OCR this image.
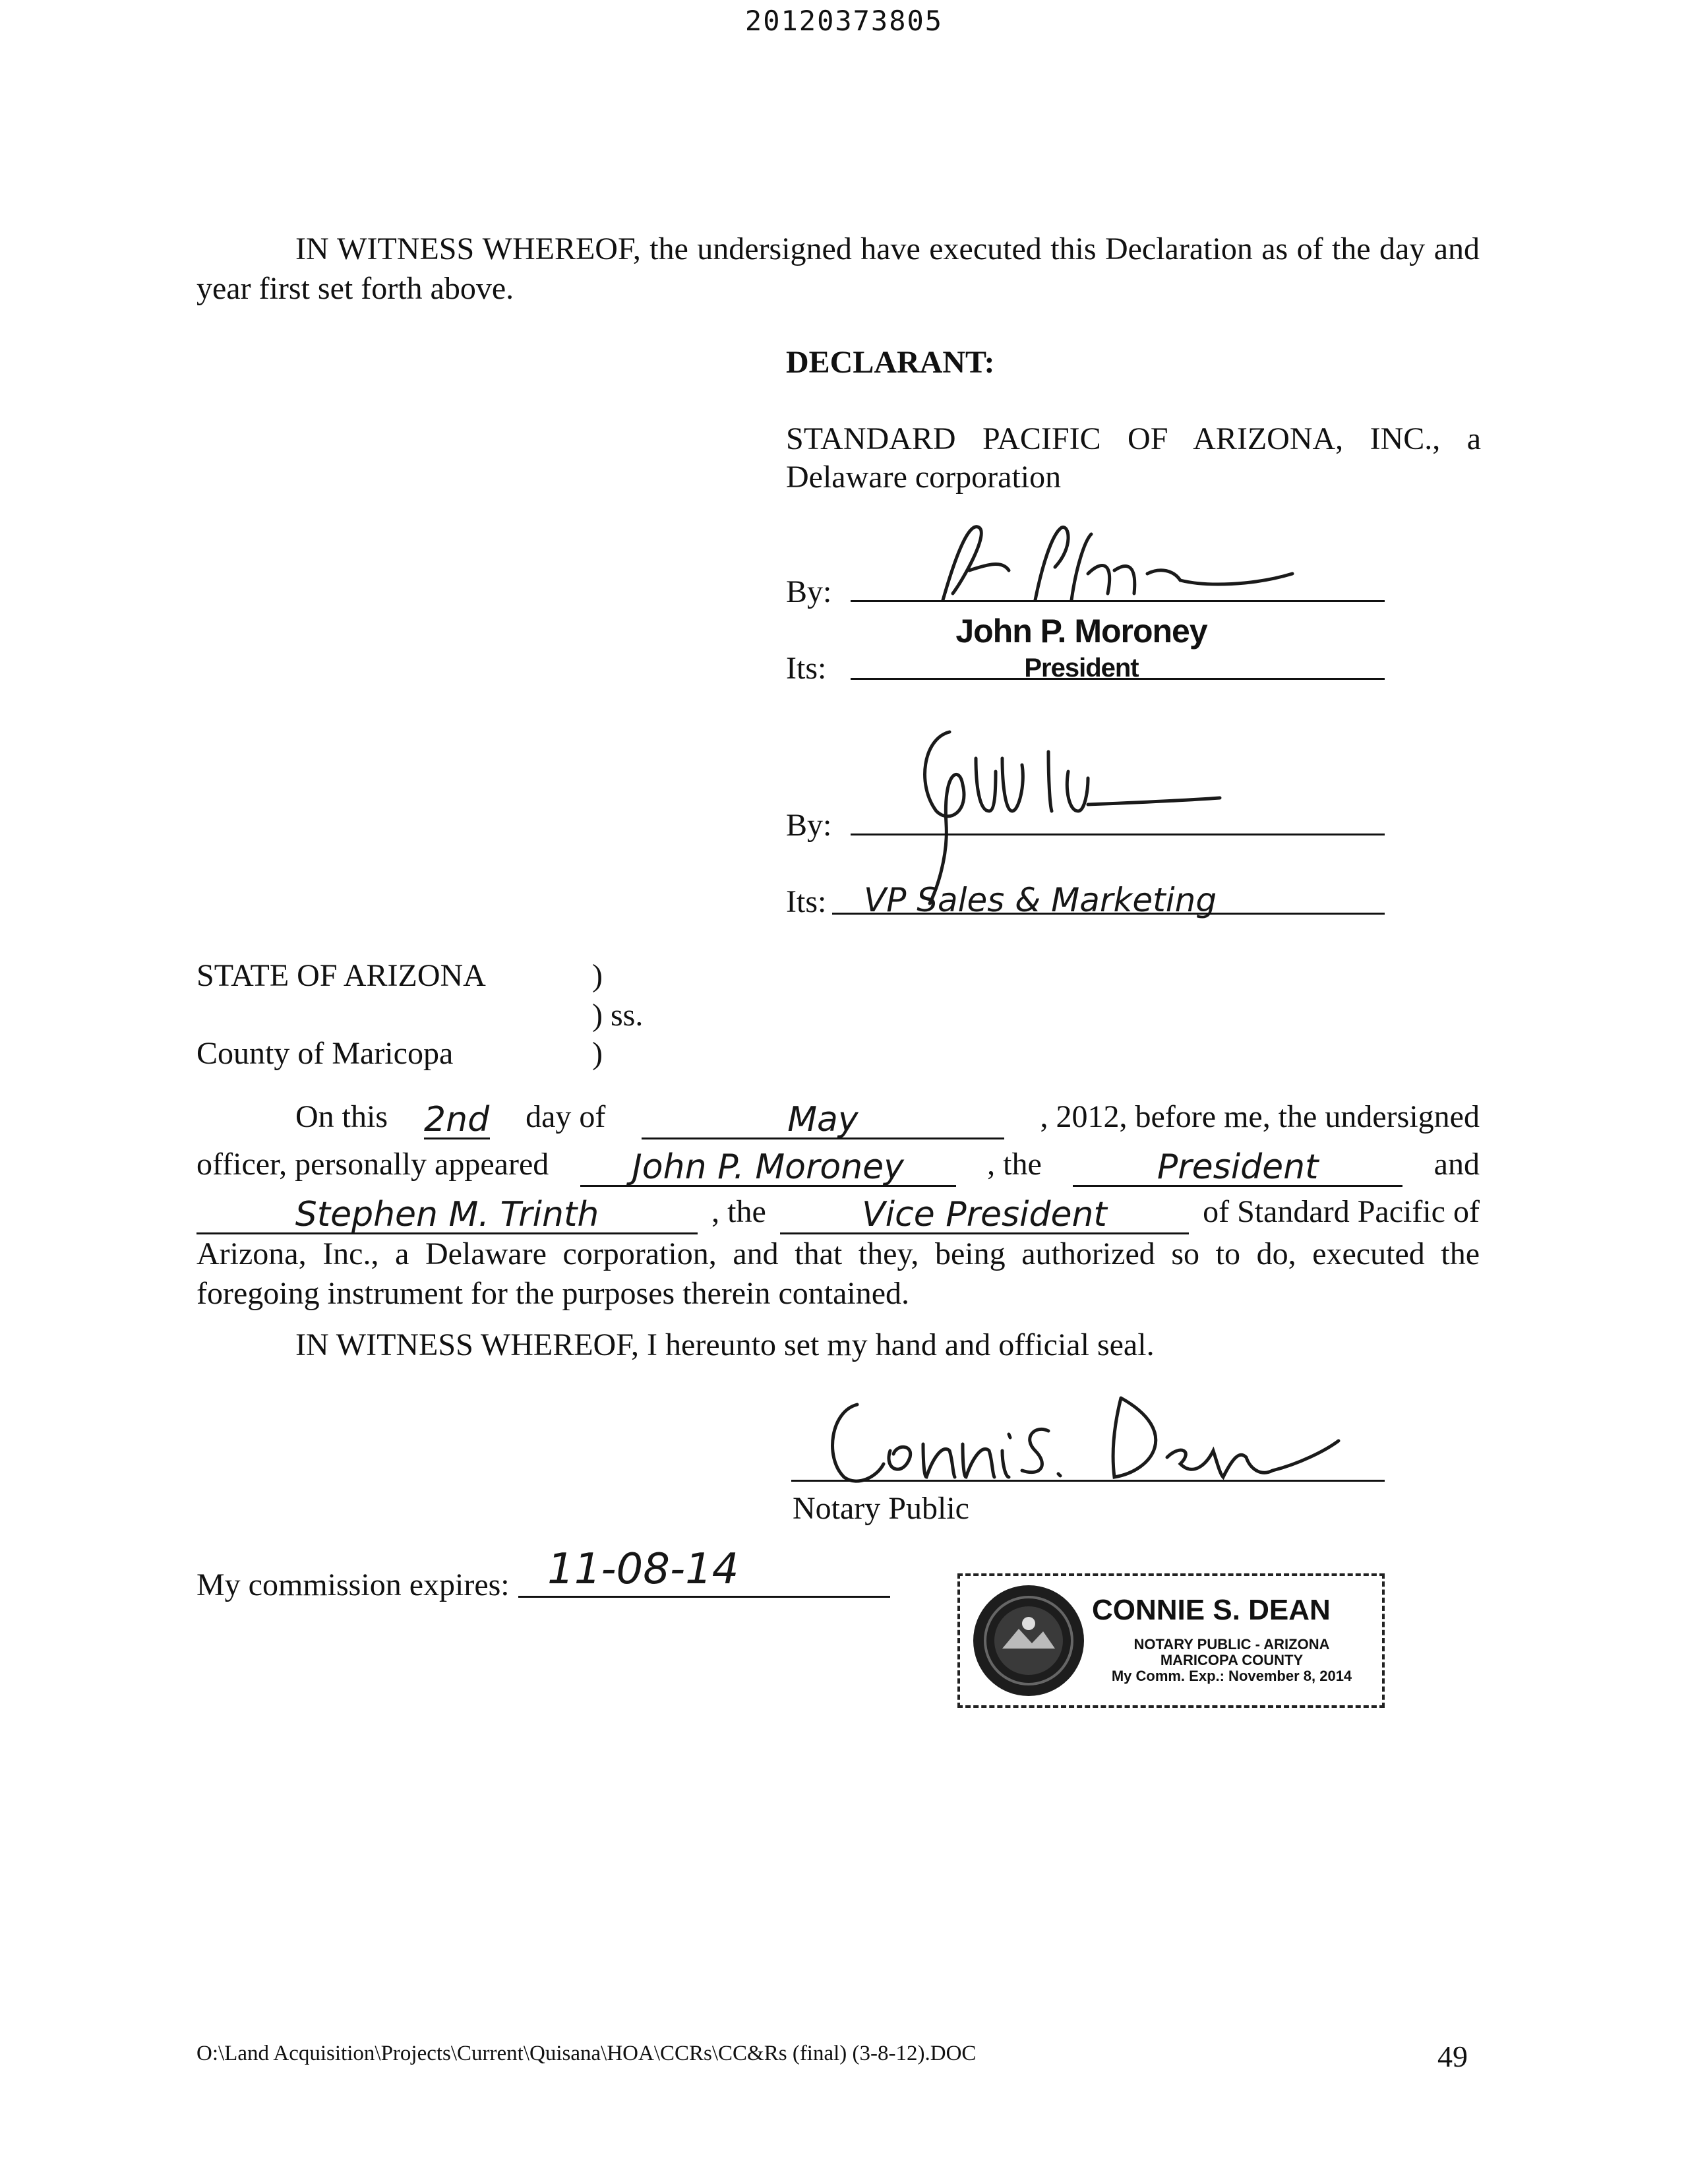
20120373805
IN WITNESS WHEREOF, the undersigned have executed this Declaration as of the day and year first set forth above.
DECLARANT:
STANDARD PACIFIC OF ARIZONA, INC., a
Delaware corporation
By:
John P. Moroney
Its:	President
By:
Its: VP Sales & Marketing
STATE OF ARIZONA	)
) ss.
County of Maricopa	)
On this 2nd day of	May	, 2012, before me, the undersigned
officer, personally appeared	John P. Moroney	, the	President	and
Stephen M. Trinth	, the	Vice President	of Standard Pacific of
Arizona, Inc., a Delaware corporation, and that they, being authorized so to do, executed the foregoing instrument for the purposes therein contained.
IN WITNESS WHEREOF, I hereunto set my hand and official seal.
Notary Public
My commission expires: 11-08-14
CONNIE S. DEAN
NOTARY PUBLIC - ARIZONA
MARICOPA COUNTY
My Comm. Exp.: November 8, 2014
O:\Land Acquisition\Projects\Current\Quisana\HOA\CCRs\CC&Rs (final) (3-8-12).DOC	49
